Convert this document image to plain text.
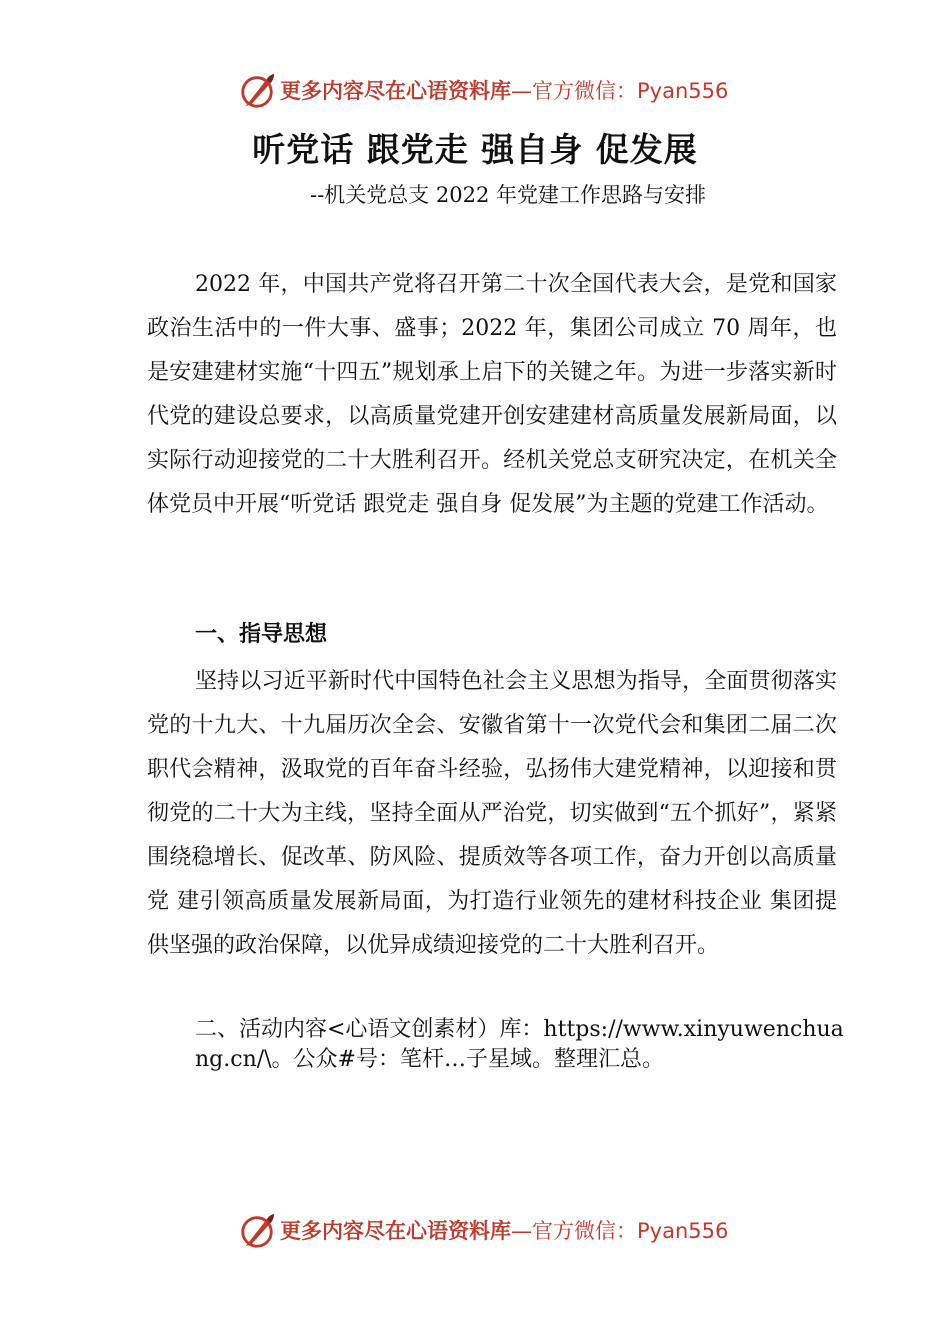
更多内容尽在心语资料库—官方微信：Pyan556
听党话 跟党走 强自身 促发展
--机关党总支 2022 年党建工作思路与安排

2022 年，中国共产党将召开第二十次全国代表大会，是党和国家政治生活中的一件大事、盛事；2022 年，集团公司成立 70 周年，也是安建建材实施“十四五”规划承上启下的关键之年。为进一步落实新时代党的建设总要求，以高质量党建开创安建建材高质量发展新局面，以实际行动迎接党的二十大胜利召开。经机关党总支研究决定，在机关全体党员中开展“听党话 跟党走 强自身 促发展”为主题的党建工作活动。

一、指导思想

坚持以习近平新时代中国特色社会主义思想为指导，全面贯彻落实党的十九大、十九届历次全会、安徽省第十一次党代会和集团二届二次职代会精神，汲取党的百年奋斗经验，弘扬伟大建党精神，以迎接和贯彻党的二十大为主线，坚持全面从严治党，切实做到“五个抓好”，紧紧围绕稳增长、促改革、防风险、提质效等各项工作，奋力开创以高质量党 建引领高质量发展新局面，为打造行业领先的建材科技企业 集团提供坚强的政治保障，以优异成绩迎接党的二十大胜利召开。

二、活动内容<心语文创素材）库：https://www.xinyuwenchuang.cn/\。公众#号：笔杆…子星域。整理汇总。

更多内容尽在心语资料库—官方微信：Pyan556
